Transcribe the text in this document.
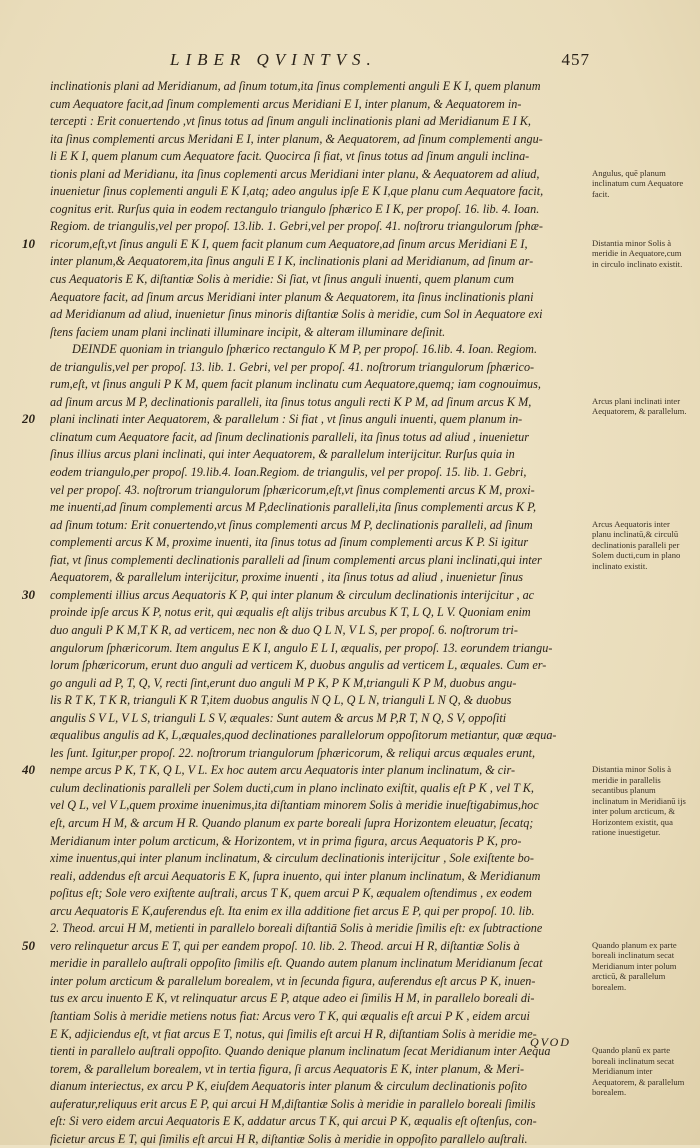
LIBER QVINTVS.	457
inclinationis plani ad Meridianum, ad ſinum totum,ita ſinus complementi anguli E K I, quem planum
cum Aequatore facit,ad ſinum complementi arcus Meridiani E I, inter planum, & Aequatorem in-
tercepti : Erit conuertendo ,vt ſinus totus ad ſinum anguli inclinationis plani ad Meridianum E I K,
ita ſinus complementi arcus Meridani E I, inter planum, & Aequatorem, ad ſinum complementi angu-
li E K I, quem planum cum Aequatore facit. Quocirca ſi fiat, vt ſinus totus ad ſinum anguli inclina-
tionis plani ad Meridianu, ita ſinus coplementi arcus Meridiani inter planu, & Aequatorem ad aliud,
inuenietur ſinus coplementi anguli E K I,atq; adeo angulus ipſe E K I,que planu cum Aequatore facit,
cognitus erit. Rurſus quia in eodem rectangulo triangulo ſphærico E I K, per propoſ. 16. lib. 4. Ioan.
Regiom. de triangulis,vel per propoſ. 13.lib. 1. Gebri,vel per propoſ. 41. noſtroru triangulorum ſphæ-
ricorum,eſt,vt ſinus anguli E K I, quem facit planum cum Aequatore,ad ſinum arcus Meridiani E I,
inter planum,& Aequatorem,ita ſinus anguli E I K, inclinationis plani ad Meridianum, ad ſinum ar-
cus Aequatoris E K, diſtantiæ Solis à meridie: Si ſiat, vt ſinus anguli inuenti, quem planum cum
Aequatore facit, ad ſinum arcus Meridiani inter planum & Aequatorem, ita ſinus inclinationis plani
ad Meridianum ad aliud, inuenietur ſinus minoris diſtantiæ Solis à meridie, cum Sol in Aequatore exi
ſtens faciem unam plani inclinati illuminare incipit, & alteram illuminare deſinit.
DEINDE quoniam in triangulo ſphærico rectangulo K M P, per propoſ. 16.lib. 4. Ioan. Regiom.
de triangulis,vel per propoſ. 13. lib. 1. Gebri, vel per propoſ. 41. noſtrorum triangulorum ſphærico-
rum,eſt, vt ſinus anguli P K M, quem facit planum inclinatu cum Aequatore,quemq; iam cognouimus,
ad ſinum arcus M P, declinationis paralleli, ita ſinus totus anguli recti K P M, ad ſinum arcus K M,
plani inclinati inter Aequatorem, & parallelum : Si fiat , vt ſinus anguli inuenti, quem planum in-
clinatum cum Aequatore facit, ad ſinum declinationis paralleli, ita ſinus totus ad aliud , inuenietur
ſinus illius arcus plani inclinati, qui inter Aequatorem, & parallelum interijcitur. Rurſus quia in
eodem triangulo,per propoſ. 19.lib.4. Ioan.Regiom. de triangulis, vel per propoſ. 15. lib. 1. Gebri,
vel per propoſ. 43. noſtrorum triangulorum ſphæricorum,eſt,vt ſinus complementi arcus K M, proxi-
me inuenti,ad ſinum complementi arcus M P,declinationis paralleli,ita ſinus complementi arcus K P,
ad ſinum totum: Erit conuertendo,vt ſinus complementi arcus M P, declinationis paralleli, ad ſinum
complementi arcus K M, proxime inuenti, ita ſinus totus ad ſinum complementi arcus K P. Si igitur
fiat, vt ſinus complementi declinationis paralleli ad ſinum complementi arcus plani inclinati,qui inter
Aequatorem, & parallelum interijcitur, proxime inuenti , ita ſinus totus ad aliud , inuenietur ſinus
complementi illius arcus Aequatoris K P, qui inter planum & circulum declinationis interijcitur , ac
proinde ipſe arcus K P, notus erit, qui æqualis eſt alijs tribus arcubus K T, L Q, L V. Quoniam enim
duo anguli P K M,T K R, ad verticem, nec non & duo Q L N, V L S, per propoſ. 6. noſtrorum tri-
angulorum ſphæricorum. Item angulus E K I, angulo E L I, æqualis, per propoſ. 13. eorundem triangu-
lorum ſphæricorum, erunt duo anguli ad verticem K, duobus angulis ad verticem L, æquales. Cum er-
go anguli ad P, T, Q, V, recti ſint,erunt duo anguli M P K, P K M,trianguli K P M, duobus angu-
lis R T K, T K R, trianguli K R T,item duobus angulis N Q L, Q L N, trianguli L N Q, & duobus
angulis S V L, V L S, trianguli L S V, æquales: Sunt autem & arcus M P,R T, N Q, S V, oppoſiti
æqualibus angulis ad K, L,æquales,quod declinationes parallelorum oppoſitorum metiantur, quæ æqua-
les ſunt. Igitur,per propoſ. 22. noſtrorum triangulorum ſphæricorum, & reliqui arcus æquales erunt,
nempe arcus P K, T K, Q L, V L. Ex hoc autem arcu Aequatoris inter planum inclinatum, & cir-
culum declinationis paralleli per Solem ducti,cum in plano inclinato exiſtit, qualis eſt P K , vel T K,
vel Q L, vel V L,quem proxime inuenimus,ita diſtantiam minorem Solis à meridie inueſtigabimus,hoc
eſt, arcum H M, & arcum H R. Quando planum ex parte boreali ſupra Horizontem eleuatur, ſecatq;
Meridianum inter polum arcticum, & Horizontem, vt in prima figura, arcus Aequatoris P K, pro-
xime inuentus,qui inter planum inclinatum, & circulum declinationis interijcitur , Sole exiſtente bo-
reali, addendus eſt arcui Aequatoris E K, ſupra inuento, qui inter planum inclinatum, & Meridianum
poſitus eſt; Sole vero exiſtente auſtrali, arcus T K, quem arcui P K, æqualem oſtendimus , ex eodem
arcu Aequatoris E K,auferendus eſt. Ita enim ex illa additione fiet arcus E P, qui per propoſ. 10. lib.
2. Theod. arcui H M, metienti in parallelo boreali diſtantiā Solis à meridie ſimilis eſt: ex ſubtractione
vero relinquetur arcus E T, qui per eandem propoſ. 10. lib. 2. Theod. arcui H R, diſtantiæ Solis à
meridie in parallelo auſtrali oppoſito ſimilis eſt. Quando autem planum inclinatum Meridianum ſecat
inter polum arcticum & parallelum borealem, vt in ſecunda figura, auferendus eſt arcus P K, inuen-
tus ex arcu inuento E K, vt relinquatur arcus E P, atque adeo ei ſimilis H M, in parallelo boreali di-
ſtantiam Solis à meridie metiens notus fiat: Arcus vero T K, qui æqualis eſt arcui P K , eidem arcui
E K, adjiciendus eſt, vt fiat arcus E T, notus, qui ſimilis eſt arcui H R, diſtantiam Solis à meridie me-
tienti in parallelo auſtrali oppoſito. Quando denique planum inclinatum ſecat Meridianum inter Aequa
torem, & parallelum borealem, vt in tertia figura, ſi arcus Aequatoris E K, inter planum, & Meri-
dianum interiectus, ex arcu P K, eiuſdem Aequatoris inter planum & circulum declinationis poſito
auferatur,reliquus erit arcus E P, qui arcui H M,diſtantiæ Solis à meridie in parallelo boreali ſimilis
eſt: Si vero eidem arcui Aequatoris E K, addatur arcus T K, qui arcui P K, æqualis eſt oſtenſus, con-
ficietur arcus E T, qui ſimilis eſt arcui H R, diſtantiæ Solis à meridie in oppoſito parallelo auſtrali.
10
20
30
40
50
Angulus, quē planum inclinatum cum Aequatore facit.
Distantia minor Solis à meridie in Aequatore,cum in circulo inclinato existit.
Arcus plani inclinati inter Aequatorem, & parallelum.
Arcus Aequatoris inter planu inclinatū,& circulū declinationis paralleli per Solem ducti,cum in plano inclinato existit.
Distantia minor Solis à meridie in parallelis secantibus planum inclinatum in Meridianū ijs inter polum arcticum, & Horizontem existit, qua ratione inuestigetur.
Quando planum ex parte boreali inclinatum secat Meridianum inter polum arcticū, & parallelum borealem.
Quando planū ex parte boreali inclinatum secat Meridianum inter Aequatorem, & parallelum borealem.
QVOD
